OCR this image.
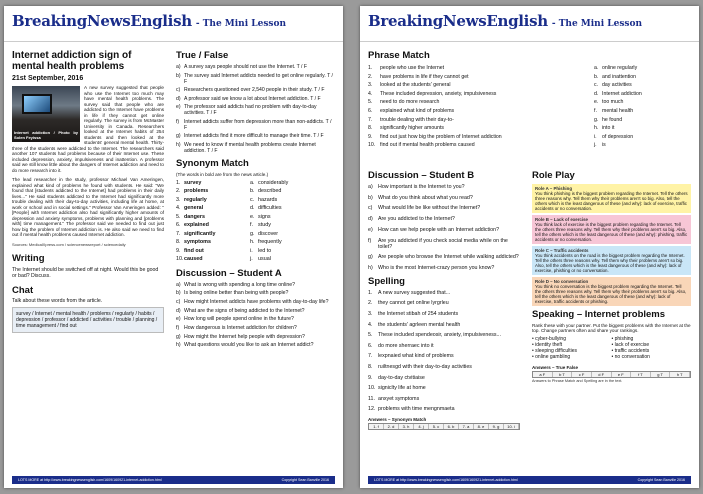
BreakingNewsEnglish - The Mini Lesson
Internet addiction sign of mental health problems
21st September, 2016
Internet addiction / Photo by Solen Feyissa
A new survey suggested that people who use the Internet too much may have mental health problems. The survey said that people who are addicted to the Internet have problems in life if they cannot get online regularly. The survey is from McMaster University in Canada. Researchers looked at the Internet habits of 254 students and then looked at the students' general mental health. Thirty-three of the students were addicted to the Internet. The researchers said another 107 students had problems because of their Internet use. These included depression, anxiety, impulsiveness and inattention. A professor said we still know little about the dangers of Internet addiction and need to do more research into it.
The lead researcher in the study, professor Michael Van Ameringen, explained what kind of problems he found with students. He said: "We found that [students addicted to the Internet] had problems in their daily lives..." He said students addicted to the Internet had significantly more trouble dealing with their day-to-day activities, including life at home, at work or school and in social settings." Professor Van Ameringen added: "[People] with Internet addiction also had significantly higher amounts of depression and anxiety symptoms, problems with planning and [problems with] time management." The professor said we needed to find out just how big the problem of Internet addiction is. He also said we need to find out if mental health problems caused Internet addiction.
Sources: MedicalXpress.com / sciencenewsreport / sciencedaily
Writing
The Internet should be switched off at night. Would this be good or bad? Discuss.
Chat
Talk about these words from the article.
survey / Internet / mental health / problems / regularly / habits / depression / professor / addicted / activities / trouble / planning / time management / find out
True / False
a) A survey says people should not use the Internet. T / F
b) The survey said Internet addicts needed to get online regularly. T / F
c) Researchers questioned over 2,540 people in their study. T / F
d) A professor said we know a lot about Internet addiction. T / F
e) The professor said addicts had no problem with day-to-day activities. T / F
f) Internet addicts suffer from depression more than non-addicts. T / F
g) Internet addicts find it more difficult to manage their time. T / F
h) We need to know if mental health problems create Internet addiction. T / F
Synonym Match
(The words in bold are from the news article.)
1. survey	a. considerably
2. problems	b. described
3. regularly	c. hazards
4. general	d. difficulties
5. dangers	e. signs
6. explained	f. study
7. significantly	g. discover
8. symptoms	h. frequently
9. find out	i. led to
10. caused	j. usual
Discussion – Student A
a) What is wrong with spending a long time online?
b) Is being online better than being with people?
c) How might Internet addicts have problems with day-to-day life?
d) What are the signs of being addicted to the Internet?
e) How long will people spend online in the future?
f) How dangerous is Internet addiction for children?
g) How might the Internet help people with depression?
h) What questions would you like to ask an Internet addict?
LOTS MORE at http://www.breakingnewsenglish.com/1609/160921-internet-addiction.html	Copyright Sean Banville 2016
BreakingNewsEnglish - The Mini Lesson
Phrase Match
1.	people who use the Internet	a. online regularly
2.	have problems in life if they cannot get	b. and inattention
3.	looked at the students' general	c. day activities
4.	These included depression, anxiety, impulsiveness	d. Internet addiction
5.	need to do more research	e. too much
6.	explained what kind of problems	f. mental health
7.	trouble dealing with their day-to-	g. he found
8.	significantly higher amounts	h. into it
9.	find out just how big the problem of Internet addiction	i.	of depression
10. find out if mental health problems caused	j.	is
Discussion – Student B
a) How important is the Internet to you?
b) What do you think about what you read?
c)	What would life be like without the Internet?
d) Are you addicted to the Internet?
e) How can we help people with an Internet addiction?
f)	Are you addicted if you check social media while on the toilet?
g) Are people who browse the Internet while walking addicted?
h) Who is the most Internet-crazy person you know?
Spelling
1.	A new survey suggested that...
2.	they cannot get online lyrgrleu
3.	the Internet stibah of 254 students
4.	the students' agrleen mental health
5.	These included spendeosir, anxiety, impulsiveness...
6.	do more sherraec into it
7.	lexpnaied what kind of problems
8.	ruiltnesgd with their day-to-day activities
9.	day-to-day ctvitiaise
10. signiclty life at home
11. anxyet symptoms
12. problems with time mengnmaeta
Answers – Synonym Match
1. f	2. d	3. h	4. j	5. c	6. b	7. a	8. e	9. g	10. i
Role Play
Role A – Phishing
You think phishing is the biggest problem regarding the Internet. Tell the others three reasons why. Tell them why their problems aren't so big. Also, tell the others which is the least dangerous of these (and why): lack of exercise, traffic accidents or no conversation.
Role B – Lack of exercise
You think lack of exercise is the biggest problem regarding the Internet. Tell the others three reasons why. Tell them why their problems aren't so big. Also, tell the others which is the least dangerous of these (and why): phishing, traffic accidents or no conversation.
Role C – Traffic accidents
You think accidents on the road is the biggest problem regarding the Internet. Tell the others three reasons why. Tell them why their problems aren't so big. Also, tell the others which is the least dangerous of these (and why): lack of exercise, phishing or no conversation.
Role D – No conversation
You think no conversation is the biggest problem regarding the Internet. Tell the others three reasons why. Tell them why their problems aren't so big. Also, tell the others which is the least dangerous of these (and why): lack of exercise, traffic accidents or phishing.
Speaking – Internet problems
Rank these with your partner. Put the biggest problems with the Internet at the top. Change partners often and share your rankings.
• cyber-bullying	• phishing
• identity theft	• lack of exercise
• sleeping difficulties	• traffic accidents
• online gambling	• no conversation
Answers – True False
a F	b T	c F	d F	e F	f T	g T	h T
Answers to Phrase Match and Spelling are in the text.
LOTS MORE at http://www.breakingnewsenglish.com/1609/160921-internet-addiction.html	Copyright Sean Banville 2016
